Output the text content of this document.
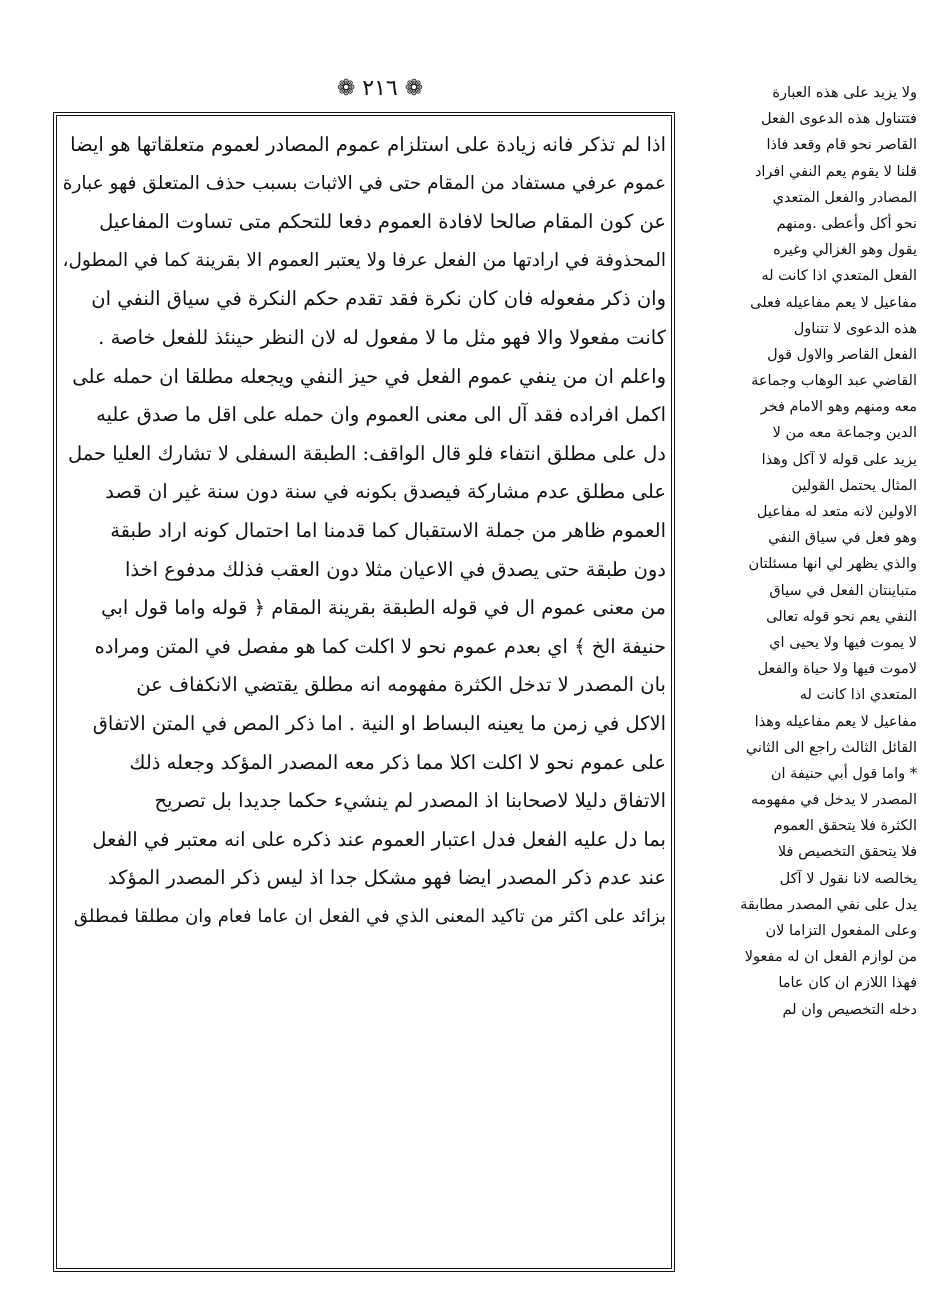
❁ ٢١٦ ❁
اذا لم تذكر فانه زيادة على استلزام عموم المصادر لعموم متعلقاتها هو ايضا
عموم عرفي مستفاد من المقام حتى في الاثبات بسبب حذف المتعلق فهو عبارة
عن كون المقام صالحا لافادة العموم دفعا للتحكم متى تساوت المفاعيل
المحذوفة في ارادتها من الفعل عرفا ولا يعتبر العموم الا بقرينة كما في المطول،
وان ذكر مفعوله فان كان نكرة فقد تقدم حكم النكرة في سياق النفي ان
كانت مفعولا والا فهو مثل ما لا مفعول له لان النظر حينئذ للفعل خاصة .
واعلم ان من ينفي عموم الفعل في حيز النفي ويجعله مطلقا ان حمله على
اكمل افراده فقد آل الى معنى العموم وان حمله على اقل ما صدق عليه
دل على مطلق انتفاء فلو قال الواقف: الطبقة السفلى لا تشارك العليا حمل
على مطلق عدم مشاركة فيصدق بكونه في سنة دون سنة غير ان قصد
العموم ظاهر من جملة الاستقبال كما قدمنا اما احتمال كونه اراد طبقة
دون طبقة حتى يصدق في الاعيان مثلا دون العقب فذلك مدفوع اخذا
من معنى عموم ال في قوله الطبقة بقرينة المقام ﴿ قوله واما قول ابي
حنيفة الخ ﴾ اي بعدم عموم نحو لا اكلت كما هو مفصل في المتن ومراده
بان المصدر لا تدخل الكثرة مفهومه انه مطلق يقتضي الانكفاف عن
الاكل في زمن ما يعينه البساط او النية . اما ذكر المص في المتن الاتفاق
على عموم نحو لا اكلت اكلا مما ذكر معه المصدر المؤكد وجعله ذلك
الاتفاق دليلا لاصحابنا اذ المصدر لم ينشيء حكما جديدا بل تصريح
بما دل عليه الفعل فدل اعتبار العموم عند ذكره على انه معتبر في الفعل
عند عدم ذكر المصدر ايضا فهو مشكل جدا اذ ليس ذكر المصدر المؤكد
بزائد على اكثر من تاكيد المعنى الذي في الفعل ان عاما فعام وان مطلقا فمطلق
ولا يزيد على هذه العبارة
فتتناول هذه الدعوى الفعل
القاصر نحو قام وقعد فاذا
قلنا لا يقوم يعم النفي افراد
المصادر والفعل المتعدي
نحو أكل وأعطى .ومنهم
يقول وهو الغزالي وغيره
الفعل المتعدي اذا كانت له
مفاعيل لا يعم مفاعيله فعلى
هذه الدعوى لا تتناول
الفعل القاصر والاول قول
القاضي عبد الوهاب وجماعة
معه ومنهم وهو الامام فخر
الدين وجماعة معه من لا
يزيد على قوله لا آكل وهذا
المثال يحتمل القولين
الاولين لانه متعد له مفاعيل
وهو فعل في سياق النفي
والذي يظهر لي انها مسئلتان
متباينتان الفعل في سياق
النفي يعم نحو قوله تعالى
لا يموت فيها ولا يحيى اي
لاموت فيها ولا حياة والفعل
المتعدي اذا كانت له
مفاعيل لا يعم مفاعيله وهذا
القائل الثالث راجع الى الثاني
* واما قول أبي حنيفة ان
المصدر لا يدخل في مفهومه
الكثرة فلا يتحقق العموم
فلا يتحقق التخصيص فلا
يخالصه لانا نقول لا آكل
يدل على نفي المصدر مطابقة
وعلى المفعول التزاما لان
من لوازم الفعل ان له مفعولا
فهذا اللازم ان كان عاما
دخله التخصيص وان لم
